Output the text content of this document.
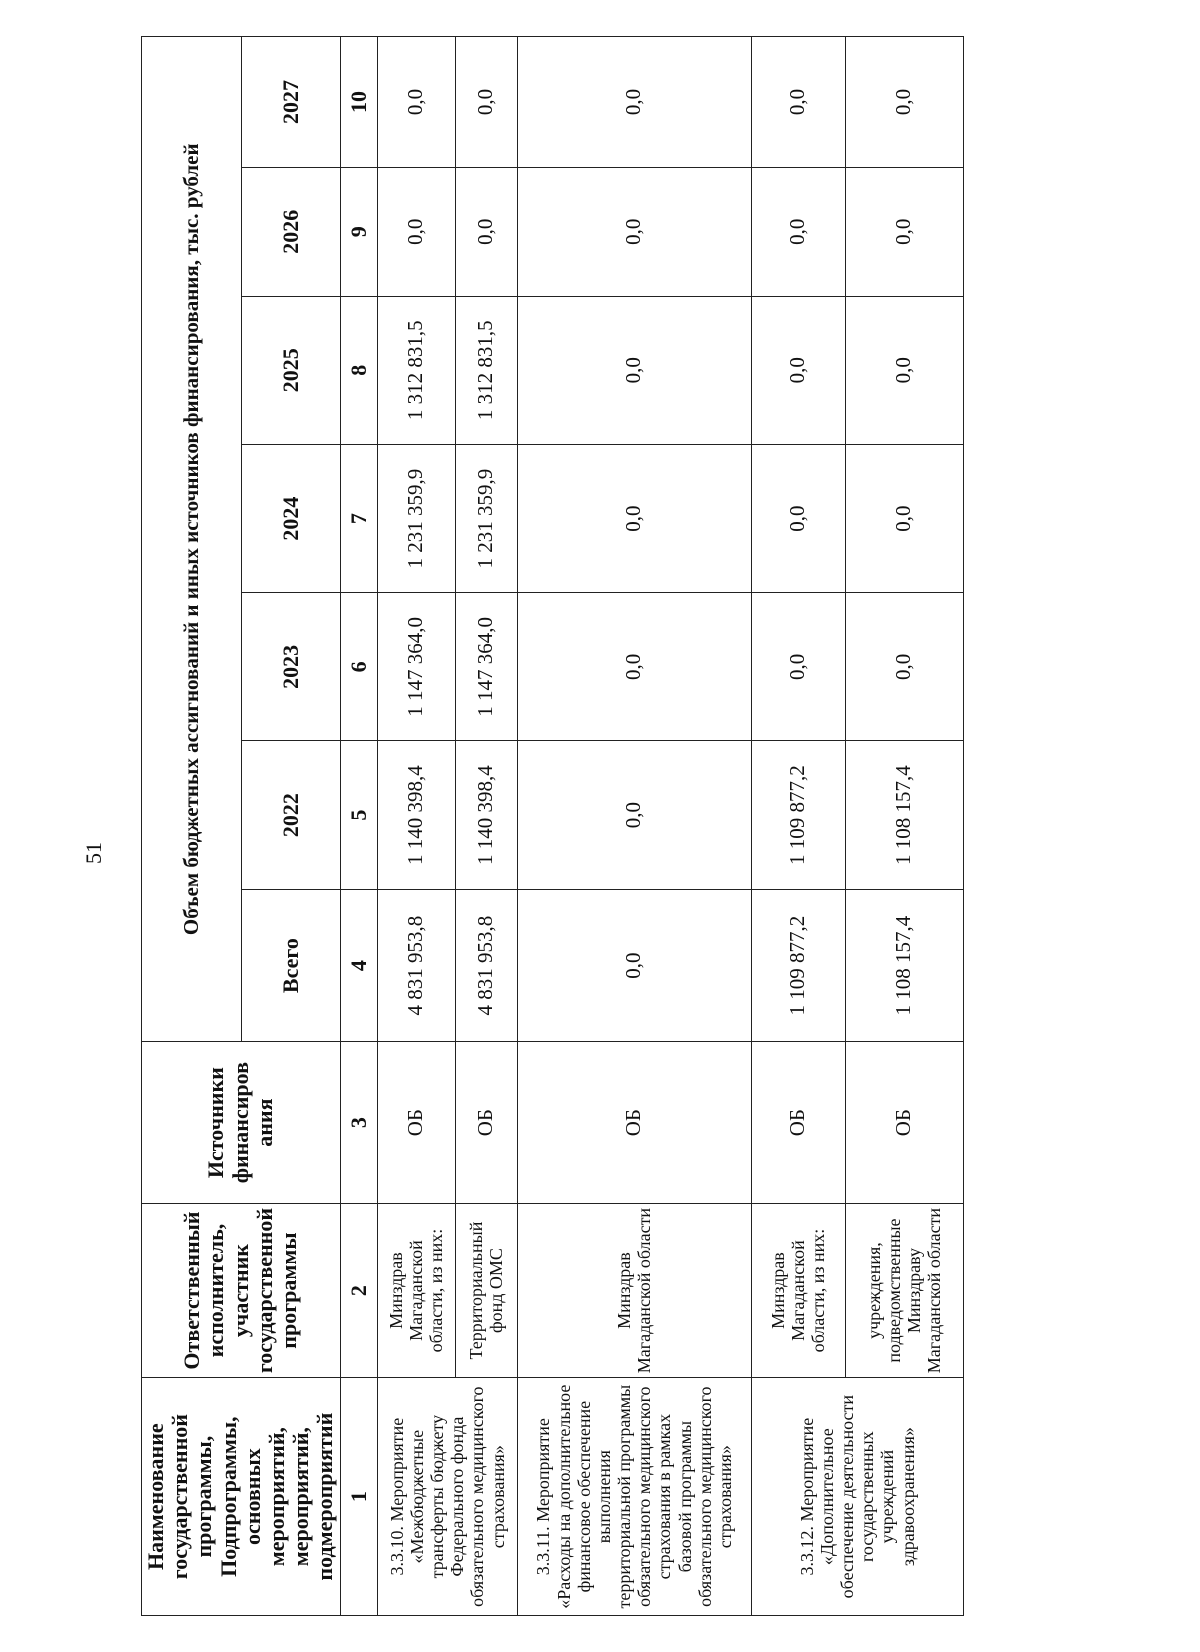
51
Наименование государственной программы, Подпрограммы, основных мероприятий, мероприятий, подмероприятий	Ответственный исполнитель, участник государственной программы	Источники финансиров ания	Объем бюджетных ассигнований и иных источников финансирования, тыс. рублей						
			Всего	2022	2023	2024	2025	2026	2027
1	2	3	4	5	6	7	8	9	10
3.3.10. Мероприятие «Межбюджетные трансферты бюджету Федерального фонда обязательного медицинского страхования»	Минздрав Магаданской области, из них:	ОБ	4 831 953,8	1 140 398,4	1 147 364,0	1 231 359,9	1 312 831,5	0,0	0,0
	Территориальный фонд ОМС	ОБ	4 831 953,8	1 140 398,4	1 147 364,0	1 231 359,9	1 312 831,5	0,0	0,0
3.3.11. Мероприятие «Расходы на дополнительное финансовое обеспечение выполнения территориальной программы обязательного медицинского страхования в рамках базовой программы обязательного медицинского страхования»	Минздрав Магаданской области	ОБ	0,0	0,0	0,0	0,0	0,0	0,0	0,0
3.3.12. Мероприятие «Дополнительное обеспечение деятельности государственных учреждений здравоохранения»	Минздрав Магаданской области, из них:	ОБ	1 109 877,2	1 109 877,2	0,0	0,0	0,0	0,0	0,0
	учреждения, подведомственные Минздраву Магаданской области	ОБ	1 108 157,4	1 108 157,4	0,0	0,0	0,0	0,0	0,0
